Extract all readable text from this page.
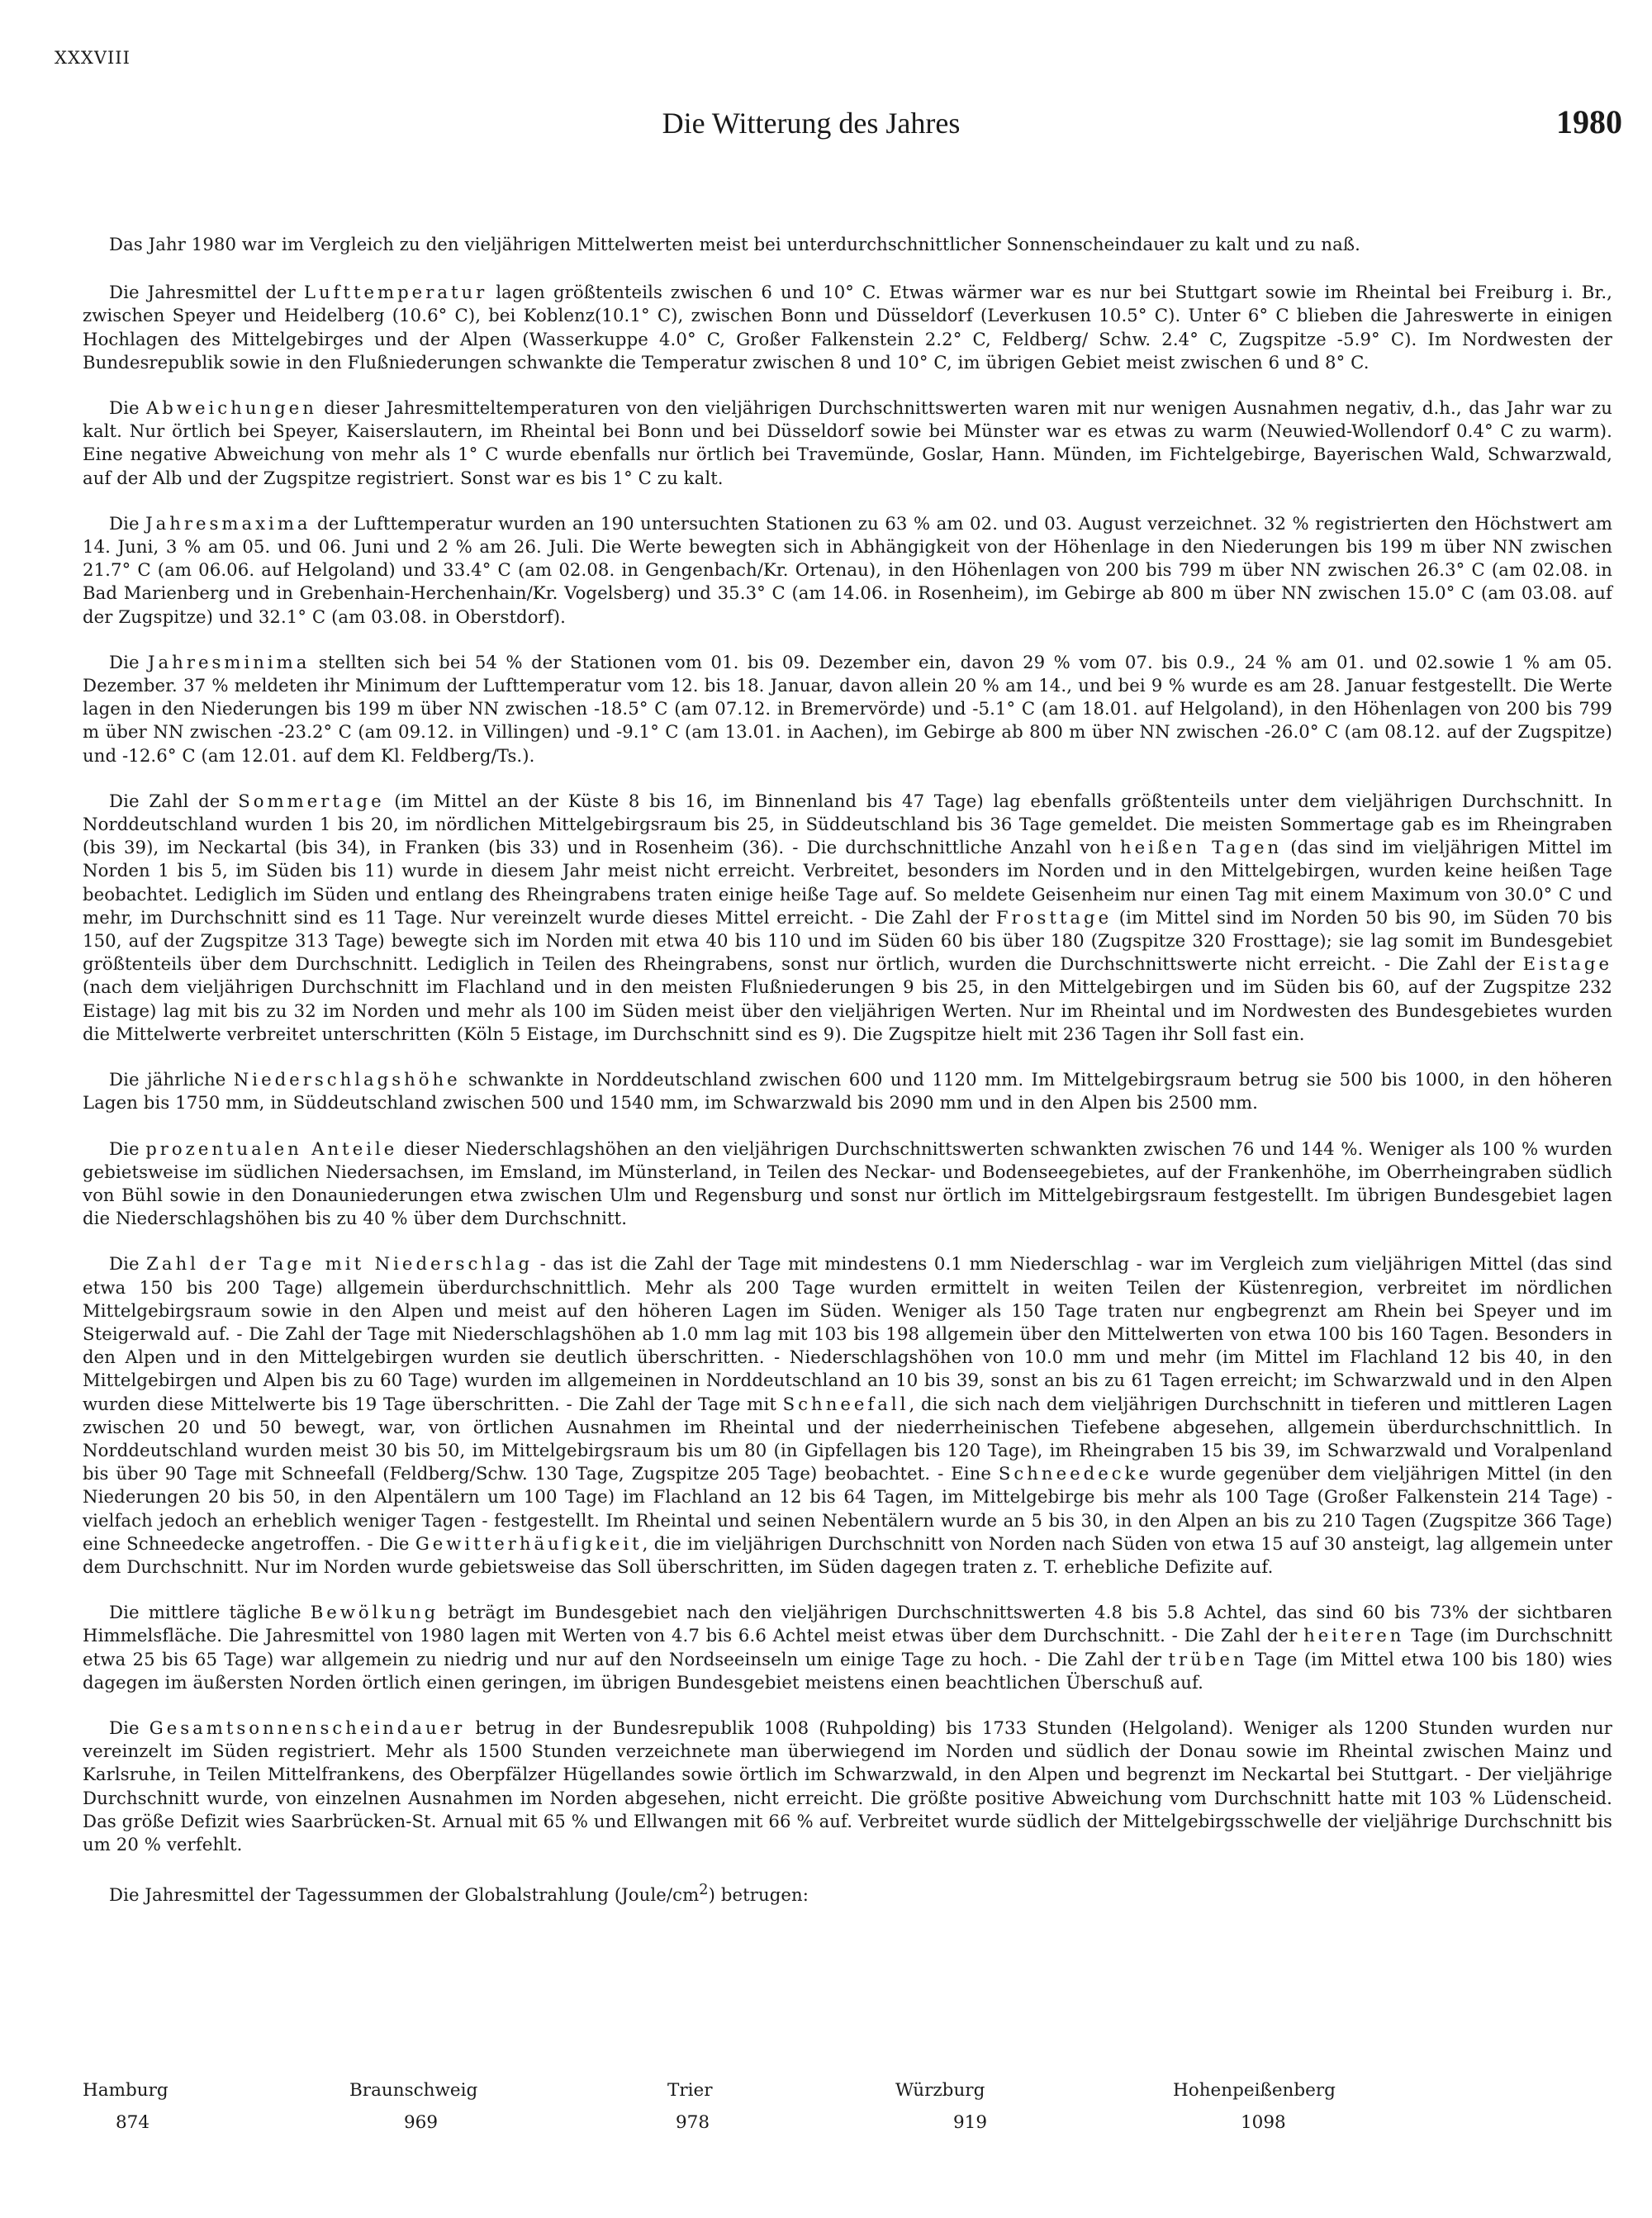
XXXVIII
Die Witterung des Jahres	1980

Das Jahr 1980 war im Vergleich zu den vieljährigen Mittelwerten meist bei unterdurchschnittlicher Sonnenscheindauer zu kalt und zu naß.

Die Jahresmittel der Lufttemperatur lagen größtenteils zwischen 6 und 10° C. Etwas wärmer war es nur bei Stuttgart sowie im Rheintal bei Freiburg i. Br., zwischen Speyer und Heidelberg (10.6° C), bei Koblenz(10.1° C), zwischen Bonn und Düsseldorf (Leverkusen 10.5° C). Unter 6° C blieben die Jahreswerte in einigen Hochlagen des Mittelgebirges und der Alpen (Wasserkuppe 4.0° C, Großer Falkenstein 2.2° C, Feldberg/ Schw. 2.4° C, Zugspitze -5.9° C). Im Nordwesten der Bundesrepublik sowie in den Flußniederungen schwankte die Temperatur zwischen 8 und 10° C, im übrigen Gebiet meist zwischen 6 und 8° C.

Die Abweichungen dieser Jahresmitteltemperaturen von den vieljährigen Durchschnittswerten waren mit nur wenigen Ausnahmen negativ, d.h., das Jahr war zu kalt. Nur örtlich bei Speyer, Kaiserslautern, im Rheintal bei Bonn und bei Düsseldorf sowie bei Münster war es etwas zu warm (Neuwied-Wollendorf 0.4° C zu warm). Eine negative Abweichung von mehr als 1° C wurde ebenfalls nur örtlich bei Travemünde, Goslar, Hann. Münden, im Fichtelgebirge, Bayerischen Wald, Schwarzwald, auf der Alb und der Zugspitze registriert. Sonst war es bis 1° C zu kalt.

Die Jahresmaxima der Lufttemperatur wurden an 190 untersuchten Stationen zu 63 % am 02. und 03. August verzeichnet. 32 % registrierten den Höchstwert am 14. Juni, 3 % am 05. und 06. Juni und 2 % am 26. Juli. Die Werte bewegten sich in Abhängigkeit von der Höhenlage in den Niederungen bis 199 m über NN zwischen 21.7° C (am 06.06. auf Helgoland) und 33.4° C (am 02.08. in Gengenbach/Kr. Ortenau), in den Höhenlagen von 200 bis 799 m über NN zwischen 26.3° C (am 02.08. in Bad Marienberg und in Grebenhain-Herchenhain/Kr. Vogelsberg) und 35.3° C (am 14.06. in Rosenheim), im Gebirge ab 800 m über NN zwischen 15.0° C (am 03.08. auf der Zugspitze) und 32.1° C (am 03.08. in Oberstdorf).

Die Jahresminima stellten sich bei 54 % der Stationen vom 01. bis 09. Dezember ein, davon 29 % vom 07. bis 0.9., 24 % am 01. und 02.sowie 1 % am 05. Dezember. 37 % meldeten ihr Minimum der Lufttemperatur vom 12. bis 18. Januar, davon allein 20 % am 14., und bei 9 % wurde es am 28. Januar festgestellt. Die Werte lagen in den Niederungen bis 199 m über NN zwischen -18.5° C (am 07.12. in Bremervörde) und -5.1° C (am 18.01. auf Helgoland), in den Höhenlagen von 200 bis 799 m über NN zwischen -23.2° C (am 09.12. in Villingen) und -9.1° C (am 13.01. in Aachen), im Gebirge ab 800 m über NN zwischen -26.0° C (am 08.12. auf der Zugspitze) und -12.6° C (am 12.01. auf dem Kl. Feldberg/Ts.).

Die Zahl der Sommertage (im Mittel an der Küste 8 bis 16, im Binnenland bis 47 Tage) lag ebenfalls größtenteils unter dem vieljährigen Durchschnitt. In Norddeutschland wurden 1 bis 20, im nördlichen Mittelgebirgsraum bis 25, in Süddeutschland bis 36 Tage gemeldet. Die meisten Sommertage gab es im Rheingraben (bis 39), im Neckartal (bis 34), in Franken (bis 33) und in Rosenheim (36). - Die durchschnittliche Anzahl von heißen Tagen (das sind im vieljährigen Mittel im Norden 1 bis 5, im Süden bis 11) wurde in diesem Jahr meist nicht erreicht. Verbreitet, besonders im Norden und in den Mittelgebirgen, wurden keine heißen Tage beobachtet. Lediglich im Süden und entlang des Rheingrabens traten einige heiße Tage auf. So meldete Geisenheim nur einen Tag mit einem Maximum von 30.0° C und mehr, im Durchschnitt sind es 11 Tage. Nur vereinzelt wurde dieses Mittel erreicht. - Die Zahl der Frosttage (im Mittel sind im Norden 50 bis 90, im Süden 70 bis 150, auf der Zugspitze 313 Tage) bewegte sich im Norden mit etwa 40 bis 110 und im Süden 60 bis über 180 (Zugspitze 320 Frosttage); sie lag somit im Bundesgebiet größtenteils über dem Durchschnitt. Lediglich in Teilen des Rheingrabens, sonst nur örtlich, wurden die Durchschnittswerte nicht erreicht. - Die Zahl der Eistage (nach dem vieljährigen Durchschnitt im Flachland und in den meisten Flußniederungen 9 bis 25, in den Mittelgebirgen und im Süden bis 60, auf der Zugspitze 232 Eistage) lag mit bis zu 32 im Norden und mehr als 100 im Süden meist über den vieljährigen Werten. Nur im Rheintal und im Nordwesten des Bundesgebietes wurden die Mittelwerte verbreitet unterschritten (Köln 5 Eistage, im Durchschnitt sind es 9). Die Zugspitze hielt mit 236 Tagen ihr Soll fast ein.

Die jährliche Niederschlagshöhe schwankte in Norddeutschland zwischen 600 und 1120 mm. Im Mittelgebirgsraum betrug sie 500 bis 1000, in den höheren Lagen bis 1750 mm, in Süddeutschland zwischen 500 und 1540 mm, im Schwarzwald bis 2090 mm und in den Alpen bis 2500 mm.

Die prozentualen Anteile dieser Niederschlagshöhen an den vieljährigen Durchschnittswerten schwankten zwischen 76 und 144 %. Weniger als 100 % wurden gebietsweise im südlichen Niedersachsen, im Emsland, im Münsterland, in Teilen des Neckar- und Bodenseegebietes, auf der Frankenhöhe, im Oberrheingraben südlich von Bühl sowie in den Donauniederungen etwa zwischen Ulm und Regensburg und sonst nur örtlich im Mittelgebirgsraum festgestellt. Im übrigen Bundesgebiet lagen die Niederschlagshöhen bis zu 40 % über dem Durchschnitt.

Die Zahl der Tage mit Niederschlag - das ist die Zahl der Tage mit mindestens 0.1 mm Niederschlag - war im Vergleich zum vieljährigen Mittel (das sind etwa 150 bis 200 Tage) allgemein überdurchschnittlich. Mehr als 200 Tage wurden ermittelt in weiten Teilen der Küstenregion, verbreitet im nördlichen Mittelgebirgsraum sowie in den Alpen und meist auf den höheren Lagen im Süden. Weniger als 150 Tage traten nur engbegrenzt am Rhein bei Speyer und im Steigerwald auf. - Die Zahl der Tage mit Niederschlagshöhen ab 1.0 mm lag mit 103 bis 198 allgemein über den Mittelwerten von etwa 100 bis 160 Tagen. Besonders in den Alpen und in den Mittelgebirgen wurden sie deutlich überschritten. - Niederschlagshöhen von 10.0 mm und mehr (im Mittel im Flachland 12 bis 40, in den Mittelgebirgen und Alpen bis zu 60 Tage) wurden im allgemeinen in Norddeutschland an 10 bis 39, sonst an bis zu 61 Tagen erreicht; im Schwarzwald und in den Alpen wurden diese Mittelwerte bis 19 Tage überschritten. - Die Zahl der Tage mit Schneefall, die sich nach dem vieljährigen Durchschnitt in tieferen und mittleren Lagen zwischen 20 und 50 bewegt, war, von örtlichen Ausnahmen im Rheintal und der niederrheinischen Tiefebene abgesehen, allgemein überdurchschnittlich. In Norddeutschland wurden meist 30 bis 50, im Mittelgebirgsraum bis um 80 (in Gipfellagen bis 120 Tage), im Rheingraben 15 bis 39, im Schwarzwald und Voralpenland bis über 90 Tage mit Schneefall (Feldberg/Schw. 130 Tage, Zugspitze 205 Tage) beobachtet. - Eine Schneedecke wurde gegenüber dem vieljährigen Mittel (in den Niederungen 20 bis 50, in den Alpentälern um 100 Tage) im Flachland an 12 bis 64 Tagen, im Mittelgebirge bis mehr als 100 Tage (Großer Falkenstein 214 Tage) - vielfach jedoch an erheblich weniger Tagen - festgestellt. Im Rheintal und seinen Nebentälern wurde an 5 bis 30, in den Alpen an bis zu 210 Tagen (Zugspitze 366 Tage) eine Schneedecke angetroffen. - Die Gewitterhäufigkeit, die im vieljährigen Durchschnitt von Norden nach Süden von etwa 15 auf 30 ansteigt, lag allgemein unter dem Durchschnitt. Nur im Norden wurde gebietsweise das Soll überschritten, im Süden dagegen traten z. T. erhebliche Defizite auf.

Die mittlere tägliche Bewölkung beträgt im Bundesgebiet nach den vieljährigen Durchschnittswerten 4.8 bis 5.8 Achtel, das sind 60 bis 73% der sichtbaren Himmelsfläche. Die Jahresmittel von 1980 lagen mit Werten von 4.7 bis 6.6 Achtel meist etwas über dem Durchschnitt. - Die Zahl der heiteren Tage (im Durchschnitt etwa 25 bis 65 Tage) war allgemein zu niedrig und nur auf den Nordseeinseln um einige Tage zu hoch. - Die Zahl der trüben Tage (im Mittel etwa 100 bis 180) wies dagegen im äußersten Norden örtlich einen geringen, im übrigen Bundesgebiet meistens einen beachtlichen Überschuß auf.

Die Gesamtsonnenscheindauer betrug in der Bundesrepublik 1008 (Ruhpolding) bis 1733 Stunden (Helgoland). Weniger als 1200 Stunden wurden nur vereinzelt im Süden registriert. Mehr als 1500 Stunden verzeichnete man überwiegend im Norden und südlich der Donau sowie im Rheintal zwischen Mainz und Karlsruhe, in Teilen Mittelfrankens, des Oberpfälzer Hügellandes sowie örtlich im Schwarzwald, in den Alpen und begrenzt im Neckartal bei Stuttgart. - Der vieljährige Durchschnitt wurde, von einzelnen Ausnahmen im Norden abgesehen, nicht erreicht. Die größte positive Abweichung vom Durchschnitt hatte mit 103 % Lüdenscheid. Das größe Defizit wies Saarbrücken-St. Arnual mit 65 % und Ellwangen mit 66 % auf. Verbreitet wurde südlich der Mittelgebirgsschwelle der vieljährige Durchschnitt bis um 20 % verfehlt.

Die Jahresmittel der Tagessummen der Globalstrahlung $(Joule/cm^2)$ betrugen:

Hamburg
874
Braunschweig
969
Trier
978
Würzburg
919
Hohenpeißenberg
1098
